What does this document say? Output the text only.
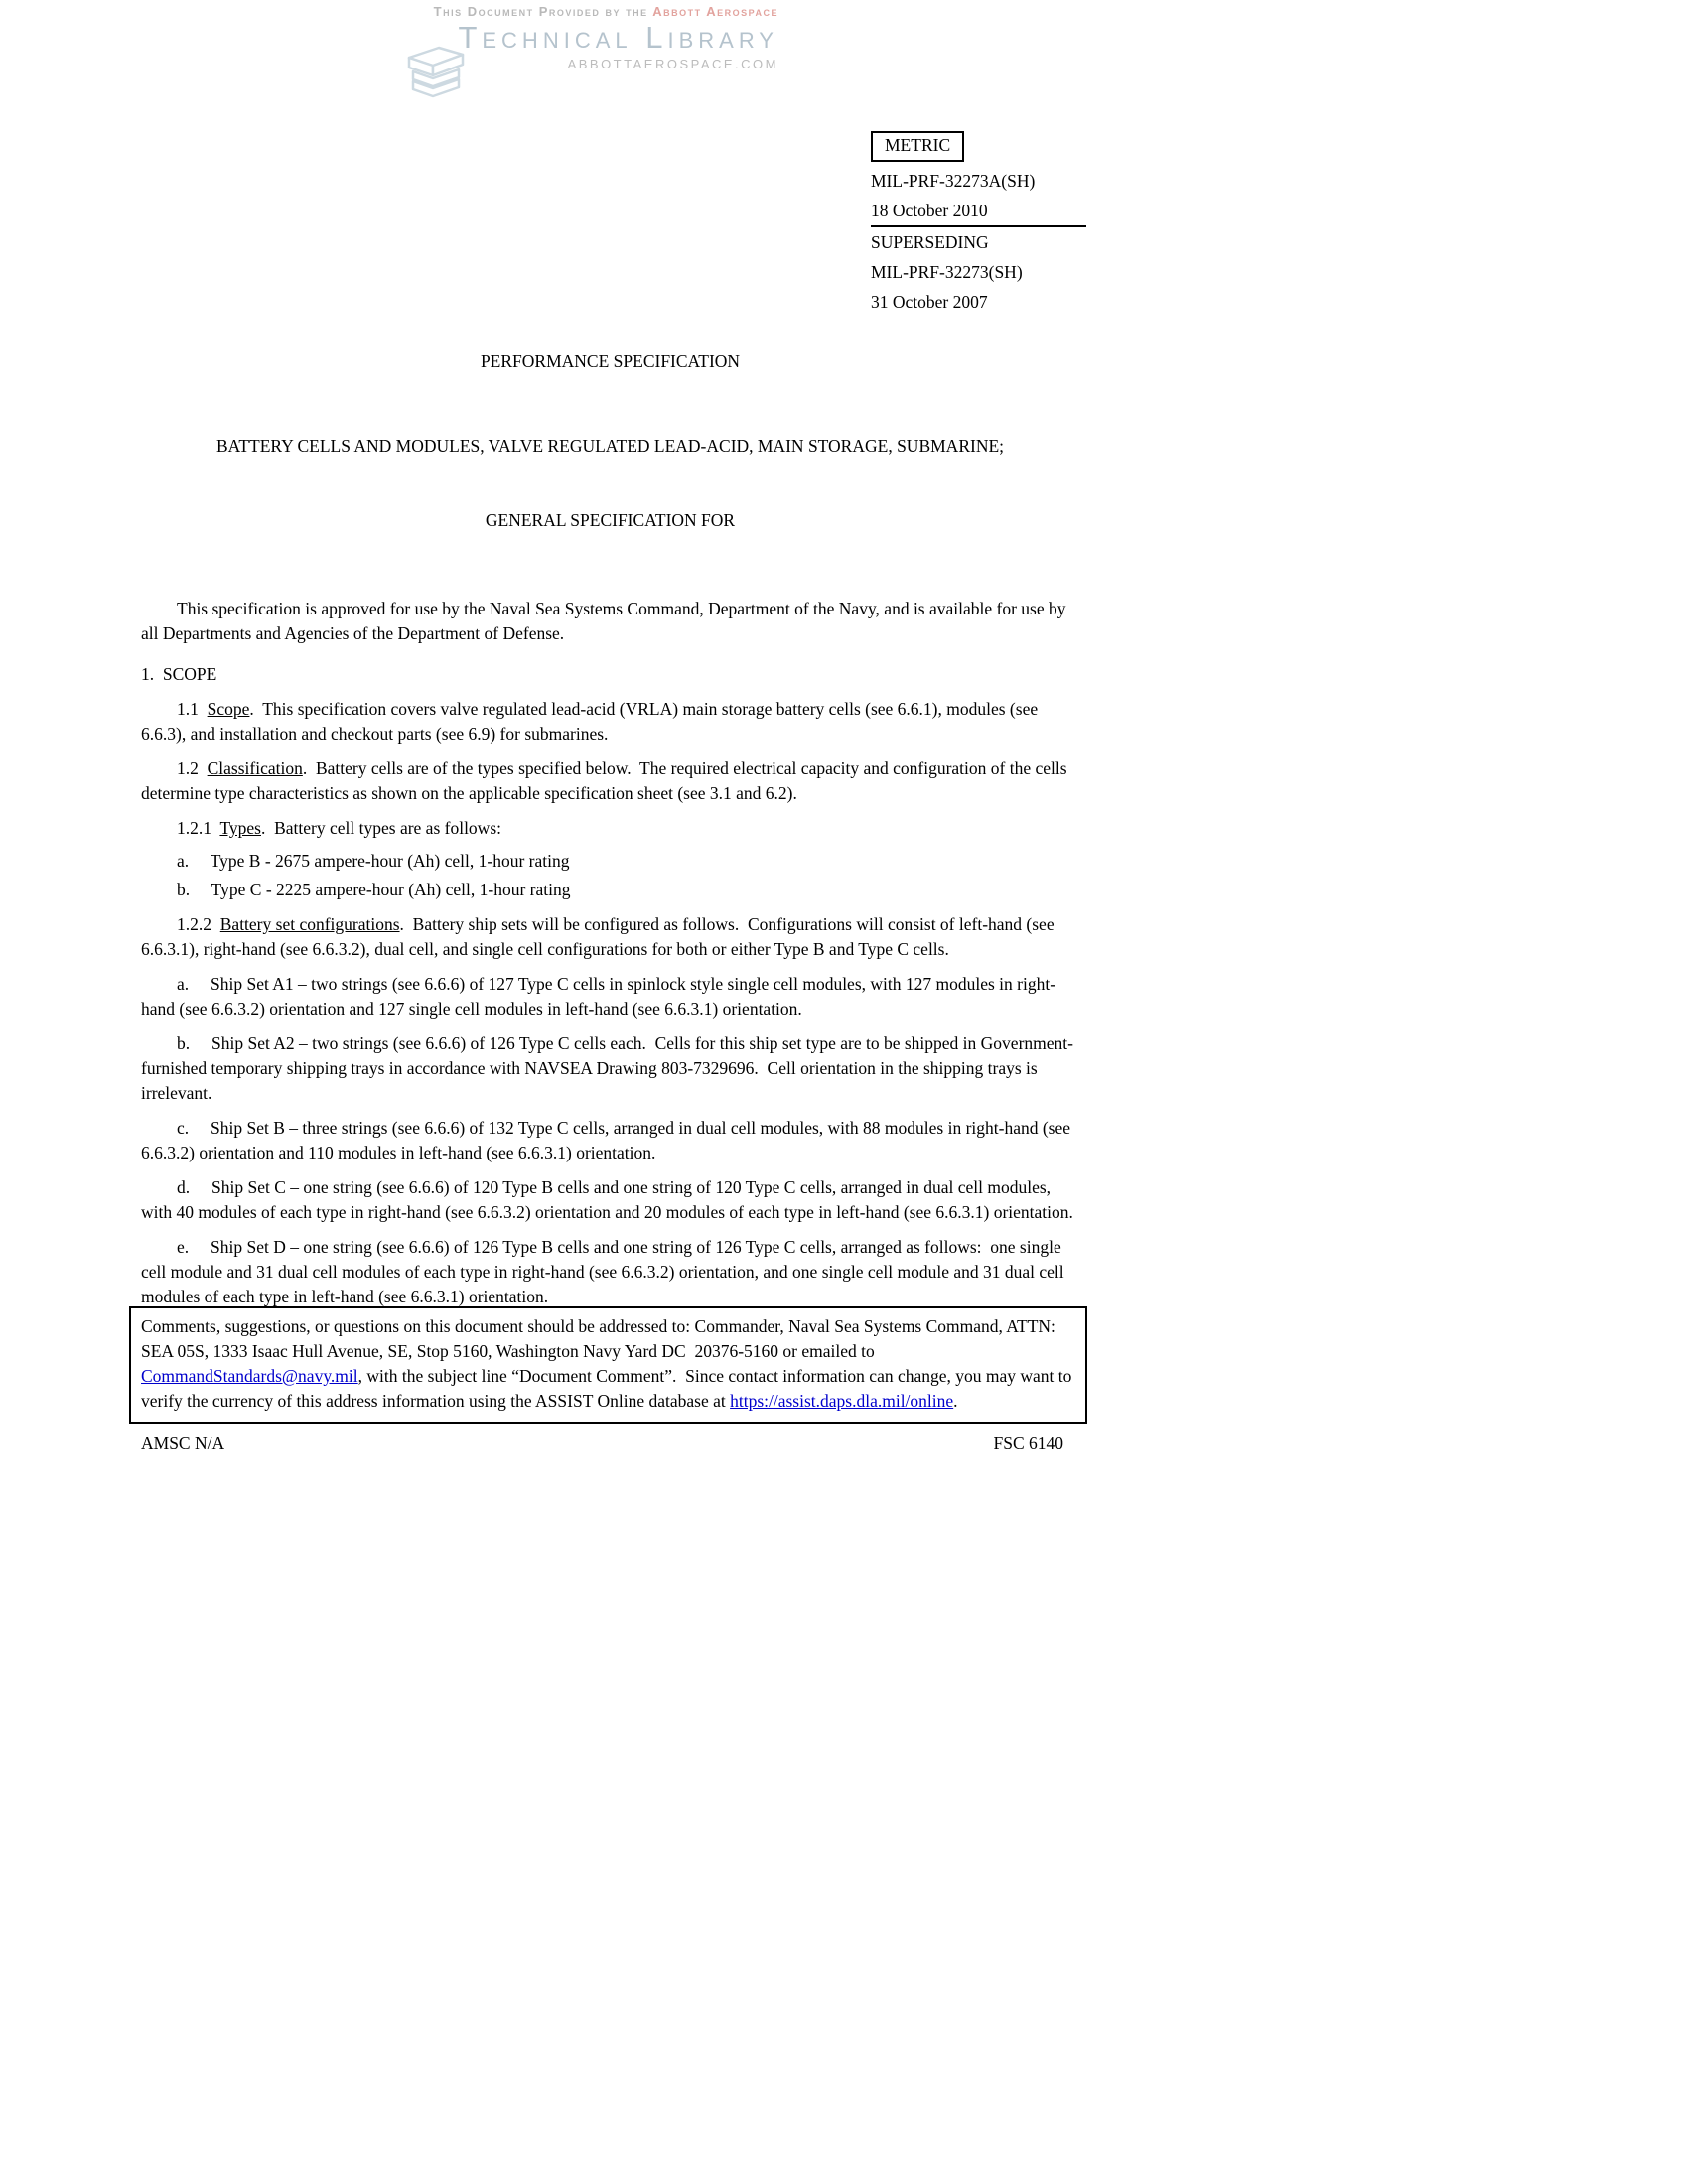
This Document Provided by the Abbott Aerospace
Technical Library
ABBOTTAEROSPACE.COM
METRIC
MIL-PRF-32273A(SH)
18 October 2010
SUPERSEDING
MIL-PRF-32273(SH)
31 October 2007
PERFORMANCE SPECIFICATION

BATTERY CELLS AND MODULES, VALVE REGULATED LEAD-ACID, MAIN STORAGE, SUBMARINE;

GENERAL SPECIFICATION FOR

This specification is approved for use by the Naval Sea Systems Command, Department of the Navy, and is available for use by all Departments and Agencies of the Department of Defense.

1.  SCOPE

1.1  Scope.  This specification covers valve regulated lead-acid (VRLA) main storage battery cells (see 6.6.1), modules (see 6.6.3), and installation and checkout parts (see 6.9) for submarines.

1.2  Classification.  Battery cells are of the types specified below.  The required electrical capacity and configuration of the cells determine type characteristics as shown on the applicable specification sheet (see 3.1 and 6.2).

1.2.1  Types.  Battery cell types are as follows:

a.     Type B - 2675 ampere-hour (Ah) cell, 1-hour rating

b.     Type C - 2225 ampere-hour (Ah) cell, 1-hour rating

1.2.2  Battery set configurations.  Battery ship sets will be configured as follows.  Configurations will consist of left-hand (see 6.6.3.1), right-hand (see 6.6.3.2), dual cell, and single cell configurations for both or either Type B and Type C cells.

a.     Ship Set A1 – two strings (see 6.6.6) of 127 Type C cells in spinlock style single cell modules, with 127 modules in right-hand (see 6.6.3.2) orientation and 127 single cell modules in left-hand (see 6.6.3.1) orientation.

b.     Ship Set A2 – two strings (see 6.6.6) of 126 Type C cells each.  Cells for this ship set type are to be shipped in Government-furnished temporary shipping trays in accordance with NAVSEA Drawing 803-7329696.  Cell orientation in the shipping trays is irrelevant.

c.     Ship Set B – three strings (see 6.6.6) of 132 Type C cells, arranged in dual cell modules, with 88 modules in right-hand (see 6.6.3.2) orientation and 110 modules in left-hand (see 6.6.3.1) orientation.

d.     Ship Set C – one string (see 6.6.6) of 120 Type B cells and one string of 120 Type C cells, arranged in dual cell modules, with 40 modules of each type in right-hand (see 6.6.3.2) orientation and 20 modules of each type in left-hand (see 6.6.3.1) orientation.

e.     Ship Set D – one string (see 6.6.6) of 126 Type B cells and one string of 126 Type C cells, arranged as follows:  one single cell module and 31 dual cell modules of each type in right-hand (see 6.6.3.2) orientation, and one single cell module and 31 dual cell modules of each type in left-hand (see 6.6.3.1) orientation.

Comments, suggestions, or questions on this document should be addressed to: Commander, Naval Sea Systems Command, ATTN:  SEA 05S, 1333 Isaac Hull Avenue, SE, Stop 5160, Washington Navy Yard DC  20376-5160 or emailed to CommandStandards@navy.mil, with the subject line “Document Comment”.  Since contact information can change, you may want to verify the currency of this address information using the ASSIST Online database at https://assist.daps.dla.mil/online.
AMSC N/A	FSC 6140
